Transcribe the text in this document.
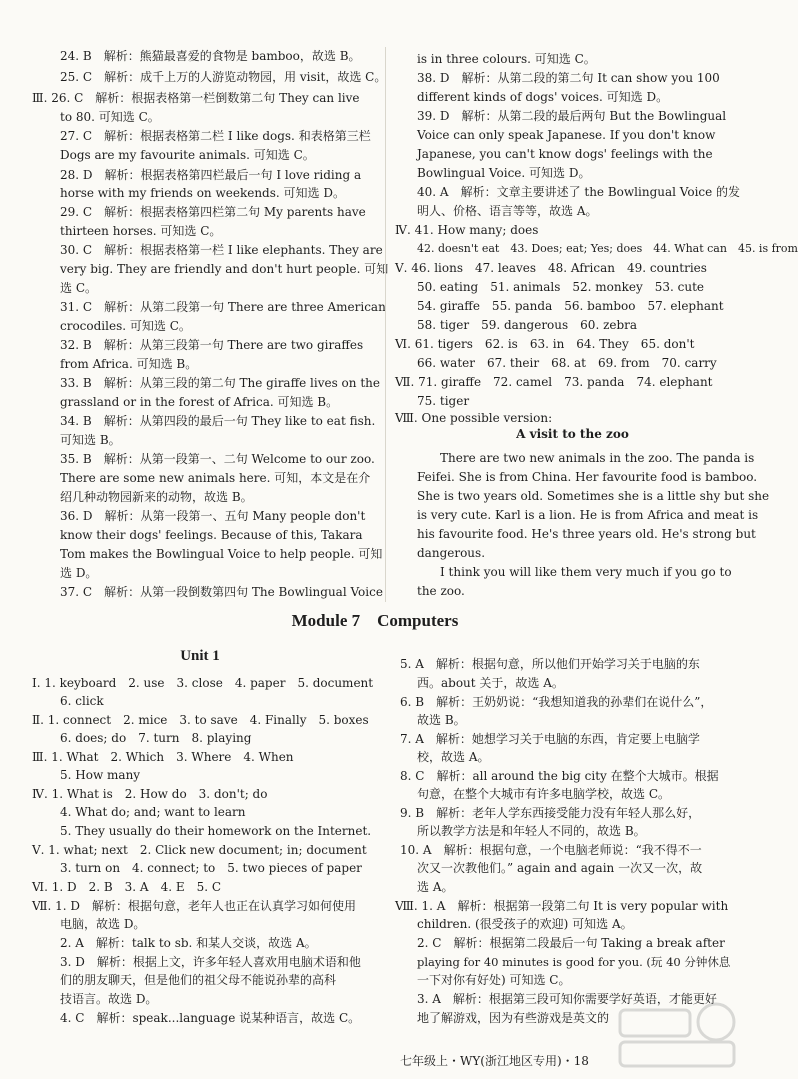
24. B　解析：熊猫最喜爱的食物是 bamboo，故选 B。
25. C　解析：成千上万的人游览动物园，用 visit，故选 C。
Ⅲ. 26. C　解析：根据表格第一栏倒数第二句 They can live
to 80. 可知选 C。
27. C　解析：根据表格第二栏 I like dogs. 和表格第三栏
Dogs are my favourite animals. 可知选 C。
28. D　解析：根据表格第四栏最后一句 I love riding a
horse with my friends on weekends. 可知选 D。
29. C　解析：根据表格第四栏第二句 My parents have
thirteen horses. 可知选 C。
30. C　解析：根据表格第一栏 I like elephants. They are
very big. They are friendly and don't hurt people. 可知
选 C。
31. C　解析：从第二段第一句 There are three American
crocodiles. 可知选 C。
32. B　解析：从第三段第一句 There are two giraffes
from Africa. 可知选 B。
33. B　解析：从第三段的第二句 The giraffe lives on the
grassland or in the forest of Africa. 可知选 B。
34. B　解析：从第四段的最后一句 They like to eat fish.
可知选 B。
35. B　解析：从第一段第一、二句 Welcome to our zoo.
There are some new animals here. 可知，本文是在介
绍几种动物园新来的动物，故选 B。
36. D　解析：从第一段第一、五句 Many people don't
know their dogs' feelings. Because of this, Takara
Tom makes the Bowlingual Voice to help people. 可知
选 D。
37. C　解析：从第一段倒数第四句 The Bowlingual Voice
is in three colours. 可知选 C。
38. D　解析：从第二段的第二句 It can show you 100
different kinds of dogs' voices. 可知选 D。
39. D　解析：从第二段的最后两句 But the Bowlingual
Voice can only speak Japanese. If you don't know
Japanese, you can't know dogs' feelings with the
Bowlingual Voice. 可知选 D。
40. A　解析：文章主要讲述了 the Bowlingual Voice 的发
明人、价格、语言等等，故选 A。
Ⅳ. 41. How many; does
42. doesn't eat　43. Does; eat; Yes; does　44. What can　45. is from
Ⅴ. 46. lions　47. leaves　48. African　49. countries
50. eating　51. animals　52. monkey　53. cute
54. giraffe　55. panda　56. bamboo　57. elephant
58. tiger　59. dangerous　60. zebra
Ⅵ. 61. tigers　62. is　63. in　64. They　65. don't
66. water　67. their　68. at　69. from　70. carry
Ⅶ. 71. giraffe　72. camel　73. panda　74. elephant
75. tiger
Ⅷ. One possible version:
A visit to the zoo
There are two new animals in the zoo. The panda is
Feifei. She is from China. Her favourite food is bamboo.
She is two years old. Sometimes she is a little shy but she
is very cute. Karl is a lion. He is from Africa and meat is
his favourite food. He's three years old. He's strong but
dangerous.
I think you will like them very much if you go to
the zoo.
Module 7　Computers
Unit 1
Ⅰ. 1. keyboard　2. use　3. close　4. paper　5. document
6. click
Ⅱ. 1. connect　2. mice　3. to save　4. Finally　5. boxes
6. does; do　7. turn　8. playing
Ⅲ. 1. What　2. Which　3. Where　4. When
5. How many
Ⅳ. 1. What is　2. How do　3. don't; do
4. What do; and; want to learn
5. They usually do their homework on the Internet.
Ⅴ. 1. what; next　2. Click new document; in; document
3. turn on　4. connect; to　5. two pieces of paper
Ⅵ. 1. D　2. B　3. A　4. E　5. C
Ⅶ. 1. D　解析：根据句意，老年人也正在认真学习如何使用
电脑，故选 D。
2. A　解析：talk to sb. 和某人交谈，故选 A。
3. D　解析：根据上文，许多年轻人喜欢用电脑术语和他
们的朋友聊天，但是他们的祖父母不能说孙辈的高科
技语言。故选 D。
4. C　解析：speak...language 说某种语言，故选 C。
5. A　解析：根据句意，所以他们开始学习关于电脑的东
西。about 关于，故选 A。
6. B　解析：王奶奶说：“我想知道我的孙辈们在说什么”，
故选 B。
7. A　解析：她想学习关于电脑的东西，肯定要上电脑学
校，故选 A。
8. C　解析：all around the big city 在整个大城市。根据
句意，在整个大城市有许多电脑学校，故选 C。
9. B　解析：老年人学东西接受能力没有年轻人那么好，
所以教学方法是和年轻人不同的，故选 B。
10. A　解析：根据句意，一个电脑老师说：“我不得不一
次又一次教他们。” again and again 一次又一次，故
选 A。
Ⅷ. 1. A　解析：根据第一段第二句 It is very popular with
children. (很受孩子的欢迎) 可知选 A。
2. C　解析：根据第二段最后一句 Taking a break after
playing for 40 minutes is good for you. (玩 40 分钟休息
一下对你有好处) 可知选 C。
3. A　解析：根据第三段可知你需要学好英语，才能更好
地了解游戏，因为有些游戏是英文的
七年级上・WY(浙江地区专用)・18
